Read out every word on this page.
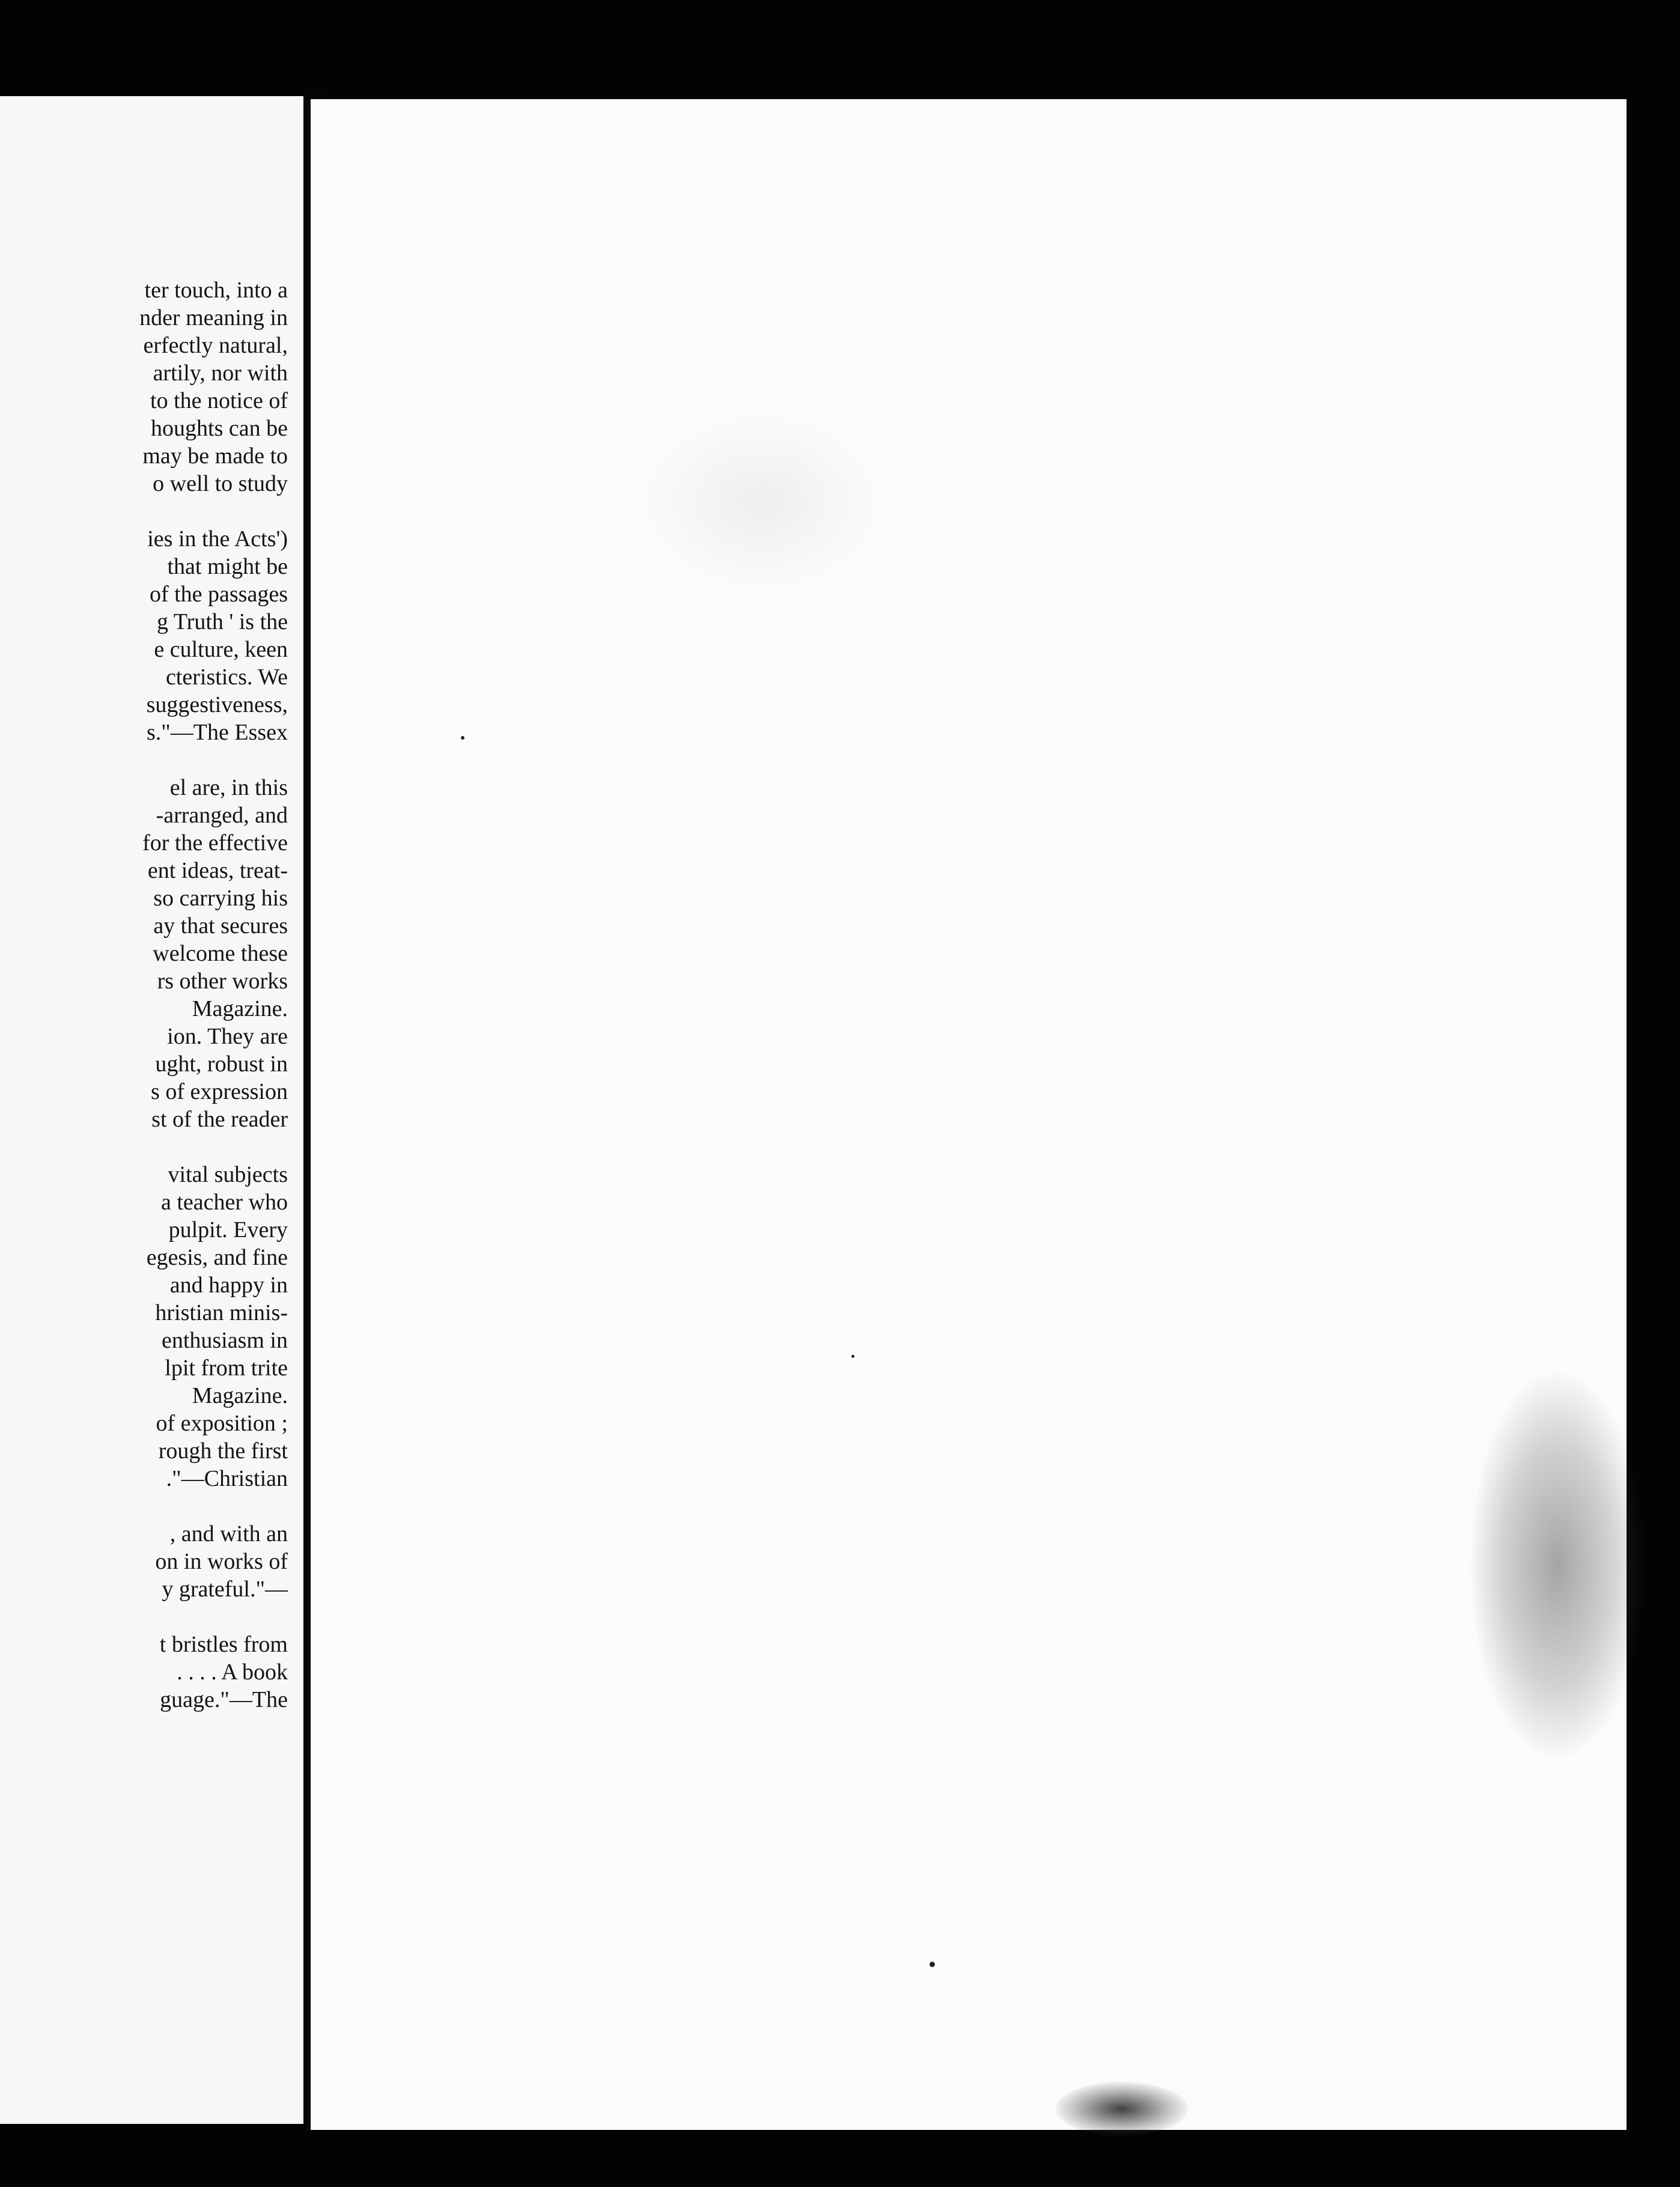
ter touch, into a
nder meaning in
erfectly natural,
artily, nor with
to the notice of
houghts can be
may be made to
o well to study
ies in the Acts')
that might be
of the passages
g Truth ' is the
e culture, keen
cteristics. We
suggestiveness,
s."—The Essex
el are, in this
-arranged, and
for the effective
ent ideas, treat-
so carrying his
ay that secures
welcome these
rs other works
Magazine.
ion. They are
ught, robust in
s of expression
st of the reader
vital subjects
a teacher who
pulpit. Every
egesis, and fine
and happy in
hristian minis-
enthusiasm in
lpit from trite
Magazine.
of exposition ;
rough the first
."—Christian
, and with an
on in works of
y grateful."—
t bristles from
. . . . A book
guage."—The
